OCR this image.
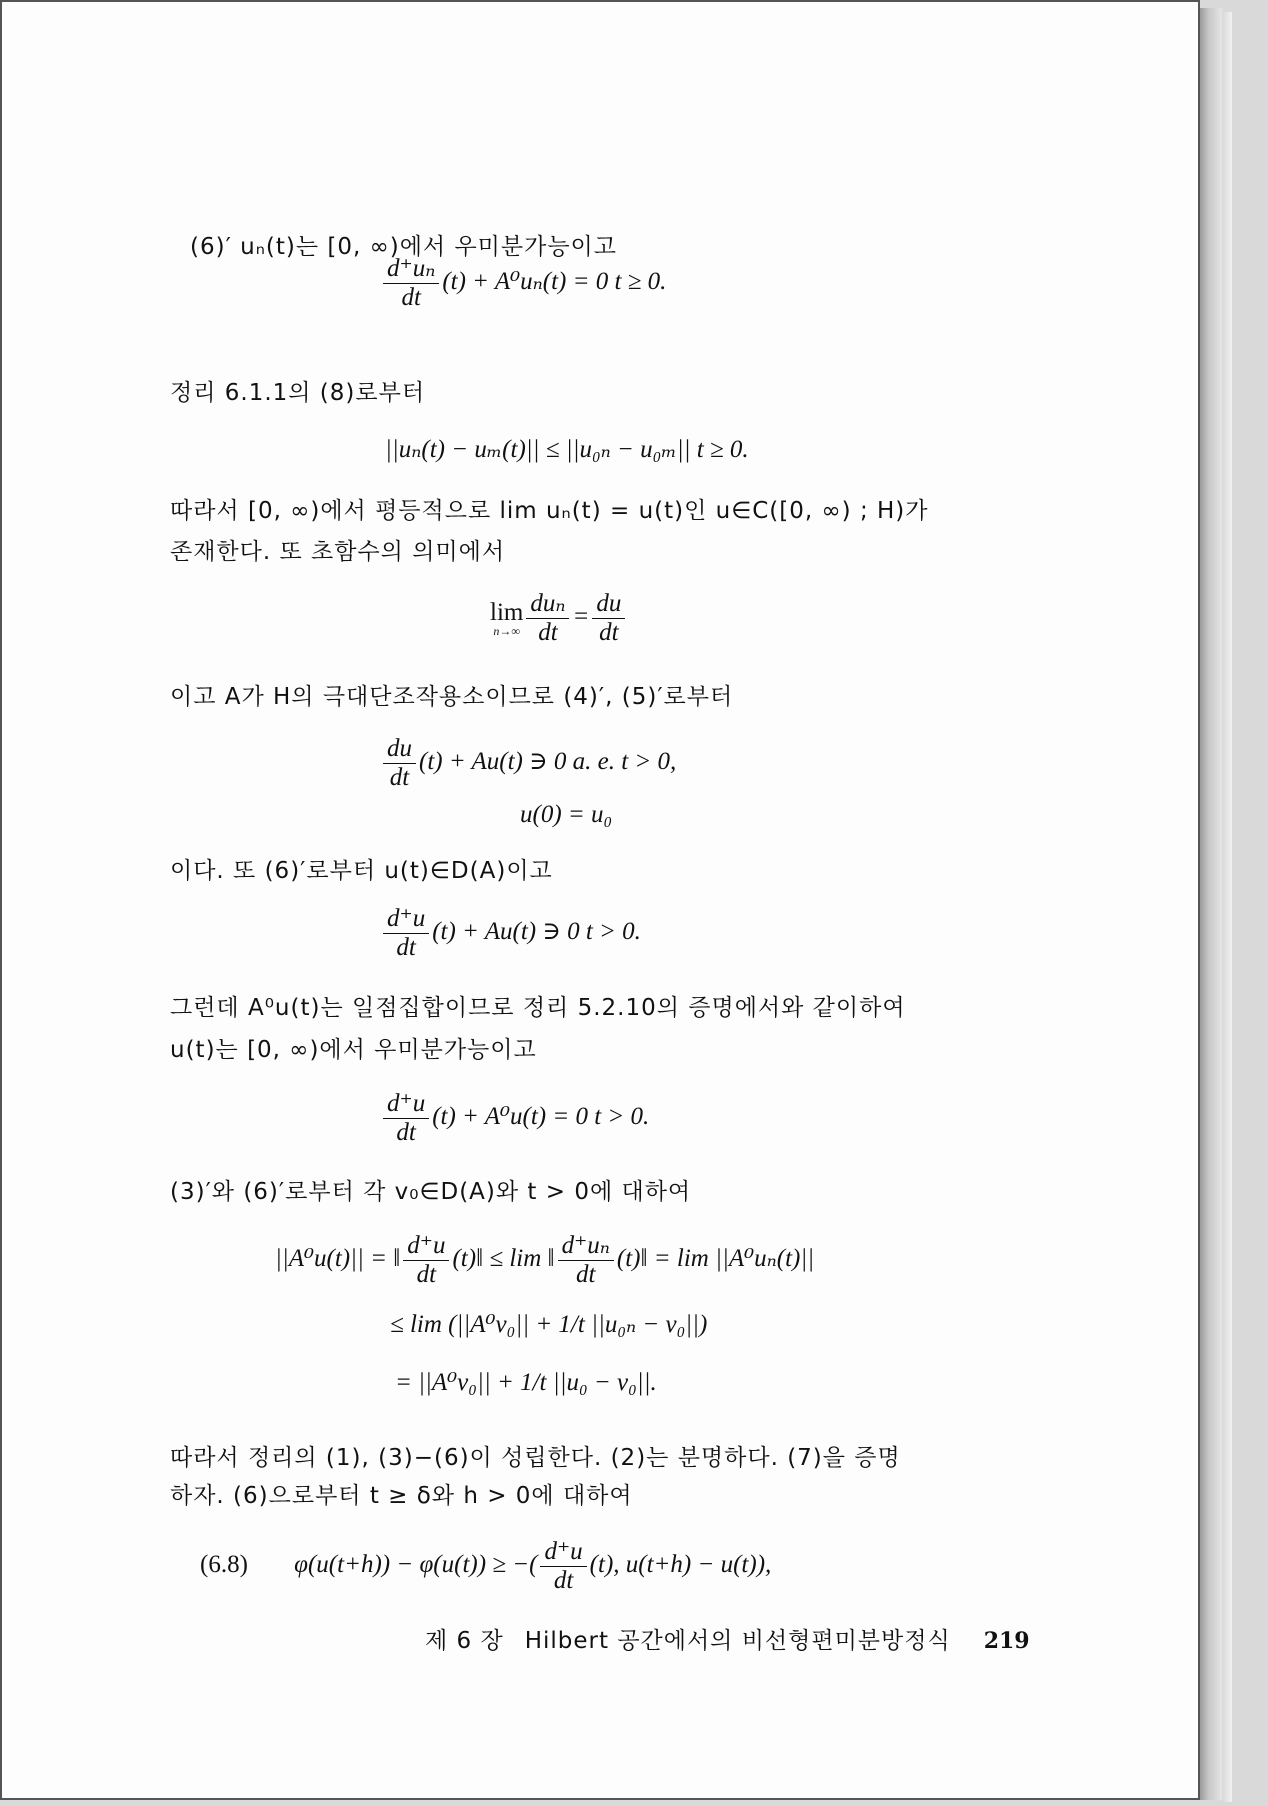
(6)′ uₙ(t)는 [0, ∞)에서 우미분가능이고
$\frac{\text{d⁺uₙ}}{dt} (t) + A^0u_n(t) = 0$ t ≥ 0.
정리 6.1.1의 (8)로부터
||uₙ(t) − uₘ(t)|| ≤ ||u₀ₙ − u₀ₘ|| t ≥ 0.
따라서 [0, ∞)에서 평등적으로 lim uₙ(t) = u(t)인 u∈C([0, ∞) ; H)가
존재한다. 또 초함수의 의미에서
lim
$n\to\infty \frac{\text{duₙ}}{dt} = \frac{du}{dt}$
이고 A가 H의 극대단조작용소이므로 (4)′, (5)′로부터
$\frac{du}{dt} (t) + Au(t)$ ∋ 0 a. e. t > 0,
u(0) = u₀
이다. 또 (6)′로부터 u(t)∈D(A)이고
$\frac{d^+u}{dt} (t) + Au(t)$ ∋ 0 t > 0.
그런데 A⁰u(t)는 일점집합이므로 정리 5.2.10의 증명에서와 같이하여
u(t)는 [0, ∞)에서 우미분가능이고
$\frac{d^+u}{dt} (t) + A^0u(t) = 0$ t > 0.
(3)′와 (6)′로부터 각 v₀∈D(A)와 t > 0에 대하여
||A⁰u(t)|| = ‖ $\frac{d^+u}{dt}$ (t)‖ ≤ lim ‖ $\frac{\text{d⁺uₙ}}{dt}$ (t)‖ = lim ||A⁰uₙ(t)||
≤ lim (||A⁰v₀|| + 1/t ||u₀ₙ − v₀||)
= ||A⁰v₀|| + 1/t ||u₀ − v₀||.
따라서 정리의 (1), (3)−(6)이 성립한다. (2)는 분명하다. (7)을 증명
하자. (6)으로부터 t ≥ δ와 h > 0에 대하여
(6.8) φ(u(t+h)) − φ(u(t)) ≥ −( $\frac{d^+u}{dt} (t)$, u(t+h) − u(t)),
제 6 장 Hilbert 공간에서의 비선형편미분방정식 219
